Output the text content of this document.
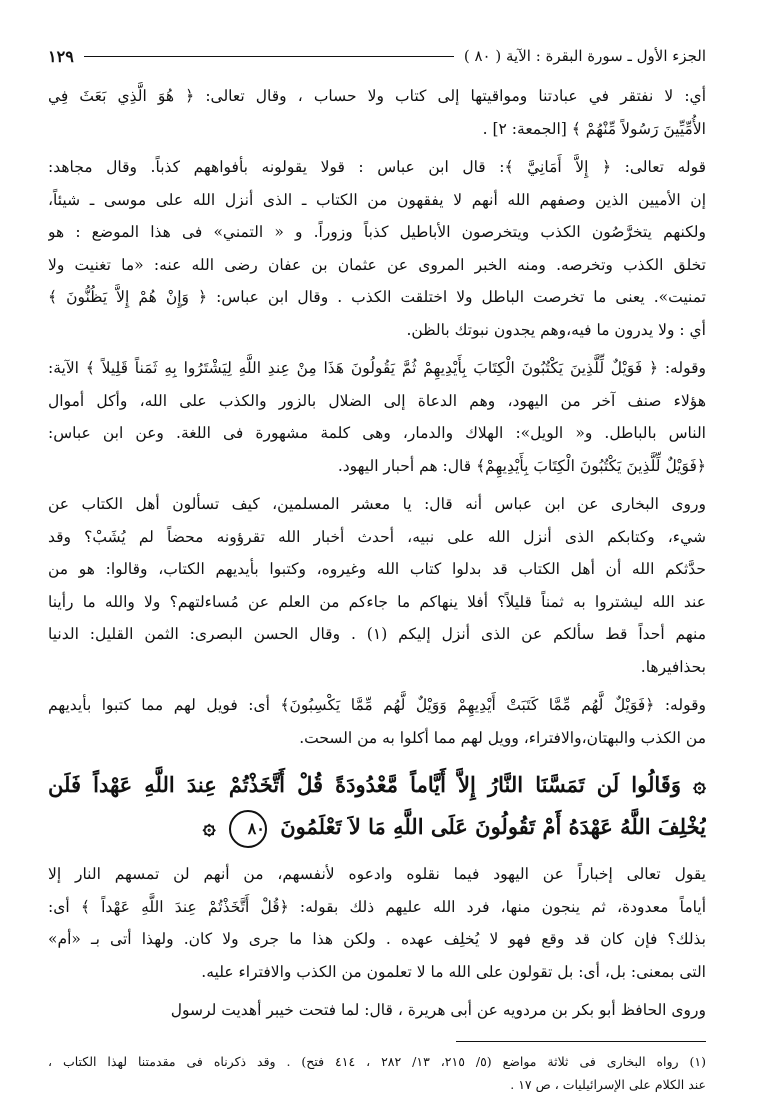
الجزء الأول ـ سورة البقرة : الآية ( ٨٠ )
١٢٩
أي: لا نفتقر في عبادتنا ومواقيتها إلى كتاب ولا حساب ، وقال تعالى: ﴿ هُوَ الَّذِي بَعَثَ فِي
الأُمِّيِّينَ رَسُولاً مِّنْهُمْ ﴾ [الجمعة: ٢] .
قوله تعالى: ﴿ إِلاَّ أَمَانِيَّ ﴾: قال ابن عباس : قولا يقولونه بأفواههم كذباً. وقال مجاهد:
إن الأميين الذين وصفهم الله أنهم لا يفقهون من الكتاب ـ الذى أنزل الله على موسى ـ شيئاً،
ولكنهم يتخرَّصُون الكذب ويتخرصون الأباطيل كذباً وزوراً. و « التمني» فى هذا الموضع : هو
تخلق الكذب وتخرصه. ومنه الخبر المروى عن عثمان بن عفان رضى الله عنه: «ما تغنيت ولا
تمنيت». يعنى ما تخرصت الباطل ولا اختلقت الكذب . وقال ابن عباس: ﴿ وَإِنْ هُمْ إِلاَّ يَظُنُّونَ ﴾
أي : ولا يدرون ما فيه،وهم يجدون نبوتك بالظن.
وقوله: ﴿ فَوَيْلٌ لِّلَّذِينَ يَكْتُبُونَ الْكِتَابَ بِأَيْدِيهِمْ ثُمَّ يَقُولُونَ هَذَا مِنْ عِندِ اللَّهِ لِيَشْتَرُوا بِهِ ثَمَناً قَلِيلاً ﴾ الآية:
هؤلاء صنف آخر من اليهود، وهم الدعاة إلى الضلال بالزور والكذب على الله، وأكل أموال
الناس بالباطل. و« الويل»: الهلاك والدمار، وهى كلمة مشهورة فى اللغة. وعن ابن عباس:
﴿فَوَيْلٌ لِّلَّذِينَ يَكْتُبُونَ الْكِتَابَ بِأَيْدِيهِمْ﴾ قال: هم أحبار اليهود.
وروى البخارى عن ابن عباس أنه قال: يا معشر المسلمين، كيف تسألون أهل الكتاب عن
شيء، وكتابكم الذى أنزل الله على نبيه، أحدث أخبار الله تقرؤونه محضاً لم يُشَبْ؟ وقد
حدَّثكم الله أن أهل الكتاب قد بدلوا كتاب الله وغيروه، وكتبوا بأيديهم الكتاب، وقالوا: هو من
عند الله ليشتروا به ثمناً قليلاً؟ أفلا ينهاكم ما جاءكم من العلم عن مُساءلتهم؟ ولا والله ما رأينا
منهم أحداً قط سألكم عن الذى أنزل إليكم (١) . وقال الحسن البصرى: الثمن القليل: الدنيا
بحذافيرها.
وقوله: ﴿فَوَيْلٌ لَّهُم مِّمَّا كَتَبَتْ أَيْدِيهِمْ وَوَيْلٌ لَّهُم مِّمَّا يَكْسِبُونَ﴾ أى: فويل لهم مما كتبوا بأيديهم
من الكذب والبهتان،والافتراء، وويل لهم مما أكلوا به من السحت.
۞ وَقَالُوا لَن تَمَسَّنَا النَّارُ إِلاَّ أَيَّاماً مَّعْدُودَةً قُلْ أَتَّخَذْتُمْ عِندَ اللَّهِ عَهْداً فَلَن
يُخْلِفَ اللَّهُ عَهْدَهُ أَمْ تَقُولُونَ عَلَى اللَّهِ مَا لاَ تَعْلَمُونَ ٨٠ ۞
يقول تعالى إخباراً عن اليهود فيما نقلوه وادعوه لأنفسهم، من أنهم لن تمسهم النار إلا
أياماً معدودة، ثم ينجون منها، فرد الله عليهم ذلك بقوله: ﴿قُلْ أَتَّخَذْتُمْ عِندَ اللَّهِ عَهْداً ﴾ أى:
بذلك؟ فإن كان قد وقع فهو لا يُخلِف عهده . ولكن هذا ما جرى ولا كان. ولهذا أتى بـ «أم»
التى بمعنى: بل، أى: بل تقولون على الله ما لا تعلمون من الكذب والافتراء عليه.
وروى الحافظ أبو بكر بن مردويه عن أبى هريرة ، قال: لما فتحت خيبر أهديت لرسول
(١) رواه البخارى فى ثلاثة مواضع (٥/ ٢١٥، ١٣/ ٢٨٢ ، ٤١٤ فتح) . وقد ذكرناه فى مقدمتنا لهذا الكتاب ،
عند الكلام على الإسرائيليات ، ص ١٧ .
